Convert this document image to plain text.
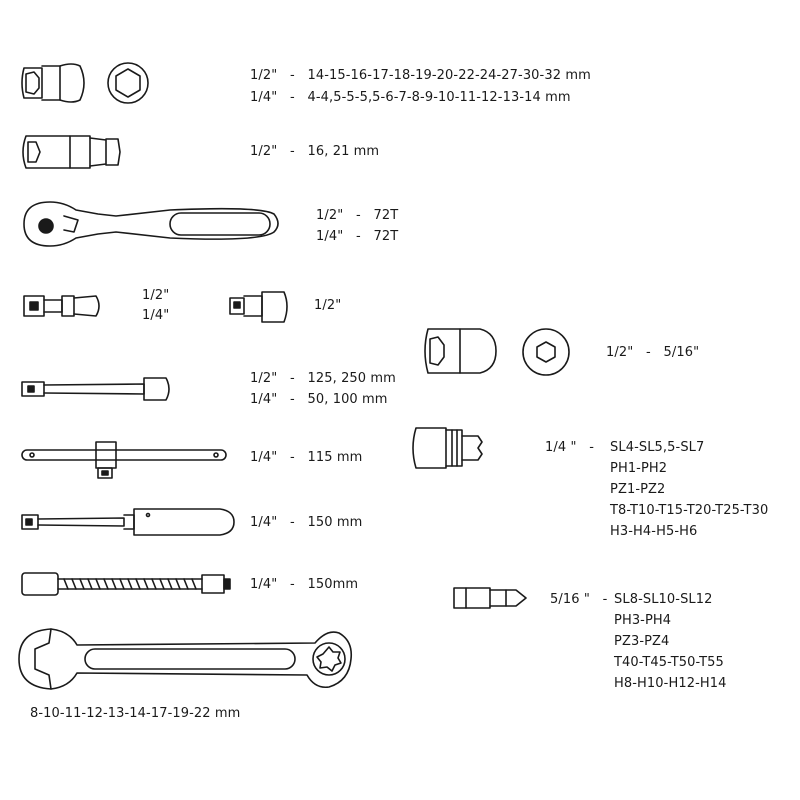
1/2"   -   14-15-16-17-18-19-20-22-24-27-30-32 mm
1/4"   -   4-4,5-5-5,5-6-7-8-9-10-11-12-13-14 mm
1/2"   -   16, 21 mm
1/2"   -   72T
1/4"   -   72T
1/2"
1/4"
1/2"
1/2"   -   125, 250 mm
1/4"   -   50, 100 mm
1/4"   -   115 mm
1/4"   -   150 mm
1/4"   -   150mm
8-10-11-12-13-14-17-19-22 mm
1/2"   -   5/16"
1/4 "   - SL4-SL5,5-SL7
PH1-PH2
PZ1-PZ2
T8-T10-T15-T20-T25-T30
H3-H4-H5-H6
5/16 "   - SL8-SL10-SL12
PH3-PH4
PZ3-PZ4
T40-T45-T50-T55
H8-H10-H12-H14
